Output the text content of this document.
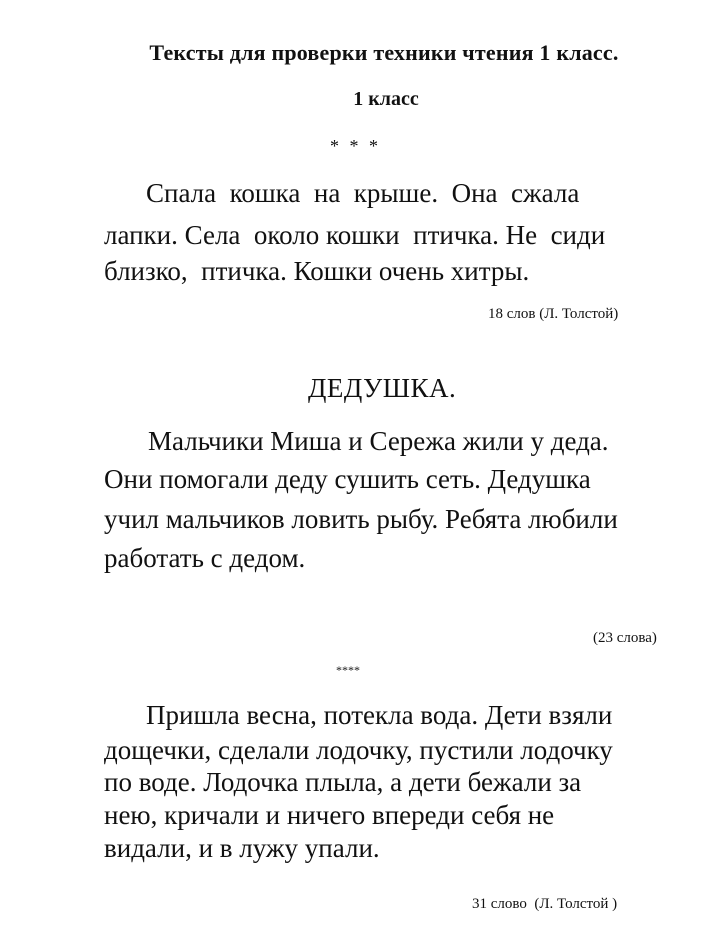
Тексты для проверки техники чтения 1 класс.
1 класс
* * *
Спала  кошка  на  крыше.  Она  сжала
лапки. Села  около кошки  птичка. Не  сиди
близко,  птичка. Кошки очень хитры.
18 слов (Л. Толстой)
ДЕДУШКА.
Мальчики Миша и Сережа жили у деда.
Они помогали деду сушить сеть. Дедушка
учил мальчиков ловить рыбу. Ребята любили
работать с дедом.
(23 слова)
****
Пришла весна, потекла вода. Дети взяли
дощечки, сделали лодочку, пустили лодочку
по воде. Лодочка плыла, а дети бежали за
нею, кричали и ничего впереди себя не
видали, и в лужу упали.
31 слово  (Л. Толстой )
